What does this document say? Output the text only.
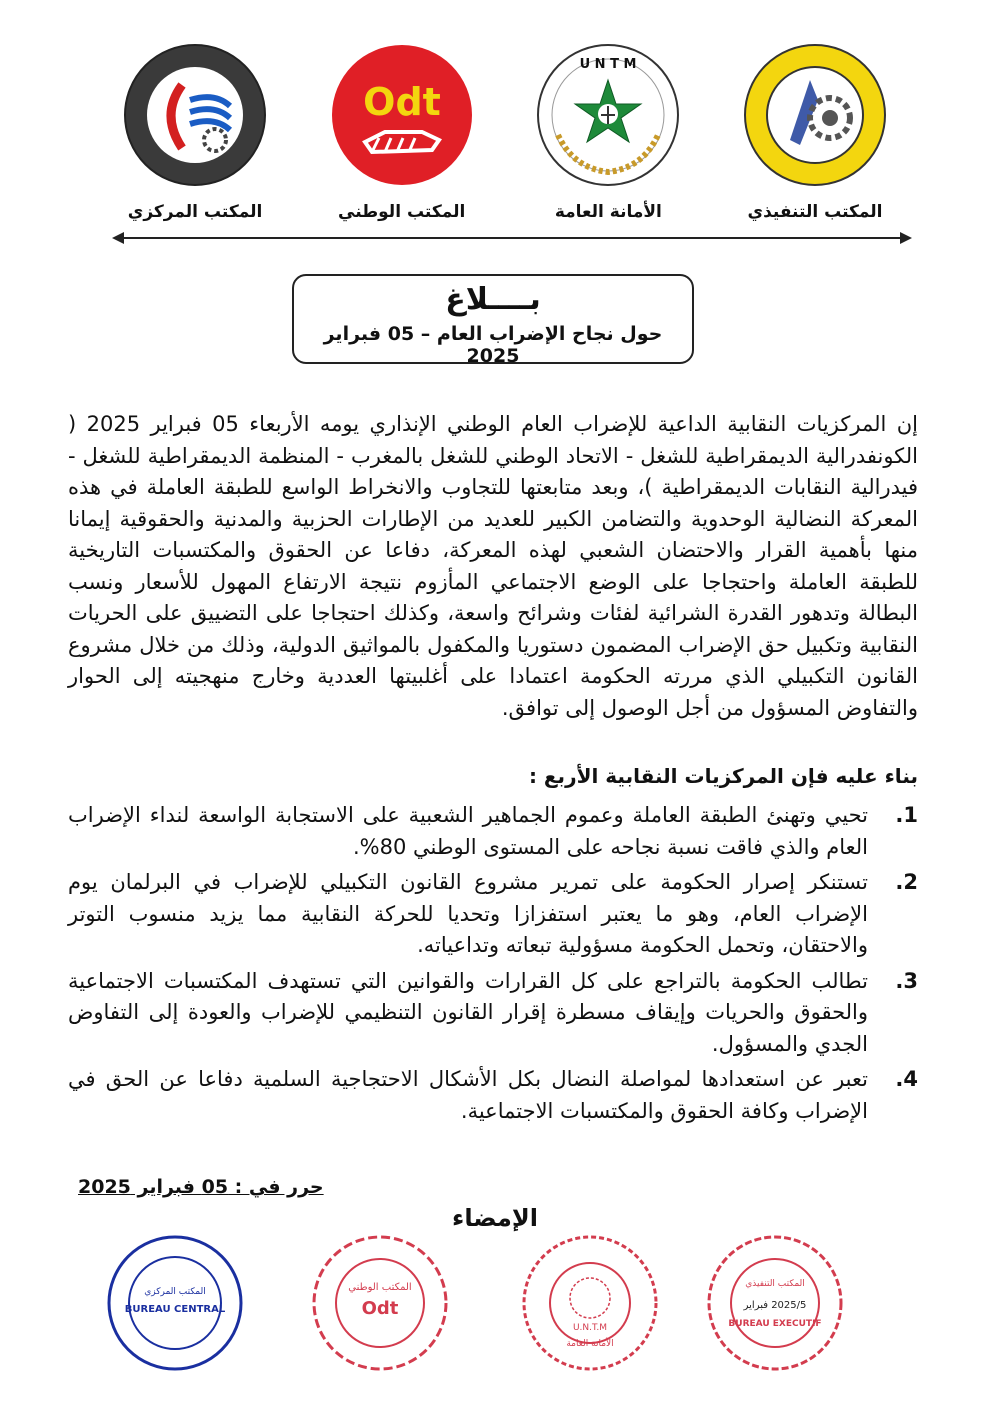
المكتب التنفيذي
U N T M
الأمانة العامة
Odt
المكتب الوطني
المكتب المركزي
بــــلاغ
حول نجاح الإضراب العام – 05 فبراير 2025

إن المركزيات النقابية الداعية للإضراب العام الوطني الإنذاري يومه الأربعاء 05 فبراير 2025 ( الكونفدرالية الديمقراطية للشغل - الاتحاد الوطني للشغل بالمغرب - المنظمة الديمقراطية للشغل - فيدرالية النقابات الديمقراطية )، وبعد متابعتها للتجاوب والانخراط الواسع للطبقة العاملة في هذه المعركة النضالية الوحدوية والتضامن الكبير للعديد من الإطارات الحزبية والمدنية والحقوقية إيمانا منها بأهمية القرار والاحتضان الشعبي لهذه المعركة، دفاعا عن الحقوق والمكتسبات التاريخية للطبقة العاملة واحتجاجا على الوضع الاجتماعي المأزوم نتيجة الارتفاع المهول للأسعار ونسب البطالة وتدهور القدرة الشرائية لفئات وشرائح واسعة، وكذلك احتجاجا على التضييق على الحريات النقابية وتكبيل حق الإضراب المضمون دستوريا والمكفول بالمواثيق الدولية، وذلك من خلال مشروع القانون التكبيلي الذي مررته الحكومة اعتمادا على أغلبيتها العددية وخارج منهجيته إلى الحوار والتفاوض المسؤول من أجل الوصول إلى توافق.

بناء عليه فإن المركزيات النقابية الأربع :
1.
تحيي وتهنئ الطبقة العاملة وعموم الجماهير الشعبية على الاستجابة الواسعة لنداء الإضراب العام والذي فاقت نسبة نجاحه على المستوى الوطني 80%.
2.
تستنكر إصرار الحكومة على تمرير مشروع القانون التكبيلي للإضراب في البرلمان يوم الإضراب العام، وهو ما يعتبر استفزازا وتحديا للحركة النقابية مما يزيد منسوب التوتر والاحتقان، وتحمل الحكومة مسؤولية تبعاته وتداعياته.
3.
تطالب الحكومة بالتراجع على كل القرارات والقوانين التي تستهدف المكتسبات الاجتماعية والحقوق والحريات وإيقاف مسطرة إقرار القانون التنظيمي للإضراب والعودة إلى التفاوض الجدي والمسؤول.
4.
تعبر عن استعدادها لمواصلة النضال بكل الأشكال الاحتجاجية السلمية دفاعا عن الحق في الإضراب وكافة الحقوق والمكتسبات الاجتماعية.
حرر في : 05 فبراير 2025
الإمضاء
المكتب المركزي
BUREAU CENTRAL
المكتب الوطني
Odt
الأمانة العامة
U.N.T.M
المكتب التنفيذي
2025/5 فبراير
BUREAU EXECUTIF
